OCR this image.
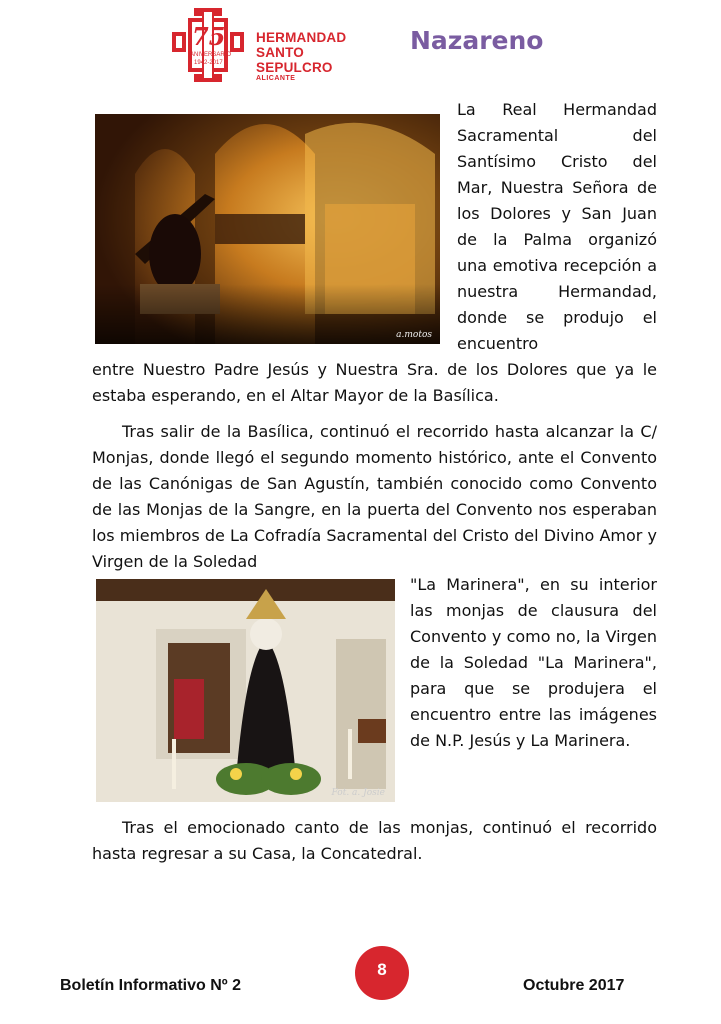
75
ANIVERSARIO
1942-2017
HERMANDAD
SANTO SEPULCRO
ALICANTE
Nazareno
a.motos
Fot. a. Josie
La Real Hermandad Sacramental del Santísimo Cristo del Mar, Nuestra Señora de los Dolores y San Juan de la Palma organizó una emotiva recepción a nuestra Hermandad, donde se produjo el encuentro
entre Nuestro Padre Jesús y Nuestra Sra. de los Dolores que ya le estaba esperando, en el Altar Mayor de la Basílica.
Tras salir de la Basílica, continuó el recorrido hasta alcanzar la C/ Monjas, donde llegó el segundo momento histórico, ante el Convento de las Canónigas de San Agustín, también conocido como Convento de las Monjas de la Sangre, en la puerta del Convento nos esperaban los miembros de La Cofradía Sacramental del Cristo del Divino Amor y Virgen de la Soledad
"La Marinera", en su interior las monjas de clausura del Convento y como no, la Virgen de la Soledad "La Marinera", para que se produjera el encuentro entre las imágenes de N.P. Jesús y La Marinera.
Tras el emocionado canto de las monjas, continuó el recorrido hasta regresar a su Casa, la Concatedral.
Boletín Informativo Nº 2
8
Octubre 2017
